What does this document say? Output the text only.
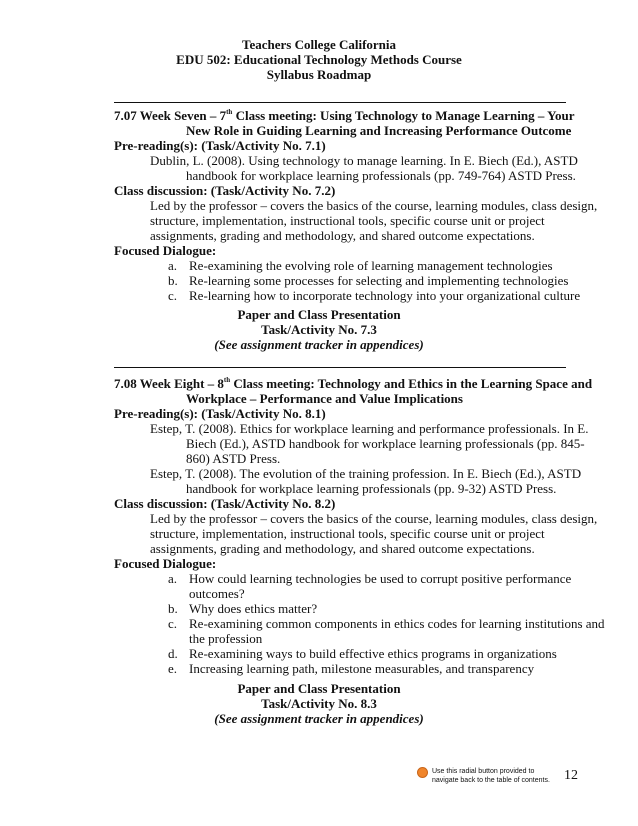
Teachers College California
EDU 502: Educational Technology Methods Course
Syllabus Roadmap
7.07 Week Seven – 7th Class meeting: Using Technology to Manage Learning – Your
New Role in Guiding Learning and Increasing Performance Outcome
Pre-reading(s): (Task/Activity No. 7.1)
Dublin, L. (2008). Using technology to manage learning. In E. Biech (Ed.), ASTD
handbook for workplace learning professionals (pp. 749-764) ASTD Press.
Class discussion: (Task/Activity No. 7.2)
Led by the professor – covers the basics of the course, learning modules, class design,
structure, implementation, instructional tools, specific course unit or project
assignments, grading and methodology, and shared outcome expectations.
Focused Dialogue:
a. Re-examining the evolving role of learning management technologies
b. Re-learning some processes for selecting and implementing technologies
c. Re-learning how to incorporate technology into your organizational culture
Paper and Class Presentation
Task/Activity No. 7.3
(See assignment tracker in appendices)
7.08 Week Eight – 8th Class meeting: Technology and Ethics in the Learning Space and
Workplace – Performance and Value Implications
Pre-reading(s): (Task/Activity No. 8.1)
Estep, T. (2008). Ethics for workplace learning and performance professionals. In E.
Biech (Ed.), ASTD handbook for workplace learning professionals (pp. 845-
860) ASTD Press.
Estep, T. (2008). The evolution of the training profession. In E. Biech (Ed.), ASTD
handbook for workplace learning professionals (pp. 9-32) ASTD Press.
Class discussion: (Task/Activity No. 8.2)
Led by the professor – covers the basics of the course, learning modules, class design,
structure, implementation, instructional tools, specific course unit or project
assignments, grading and methodology, and shared outcome expectations.
Focused Dialogue:
a. How could learning technologies be used to corrupt positive performance
outcomes?
b. Why does ethics matter?
c. Re-examining common components in ethics codes for learning institutions and
the profession
d. Re-examining ways to build effective ethics programs in organizations
e. Increasing learning path, milestone measurables, and transparency
Paper and Class Presentation
Task/Activity No. 8.3
(See assignment tracker in appendices)
Use this radial button provided to
navigate back to the table of contents. 12
